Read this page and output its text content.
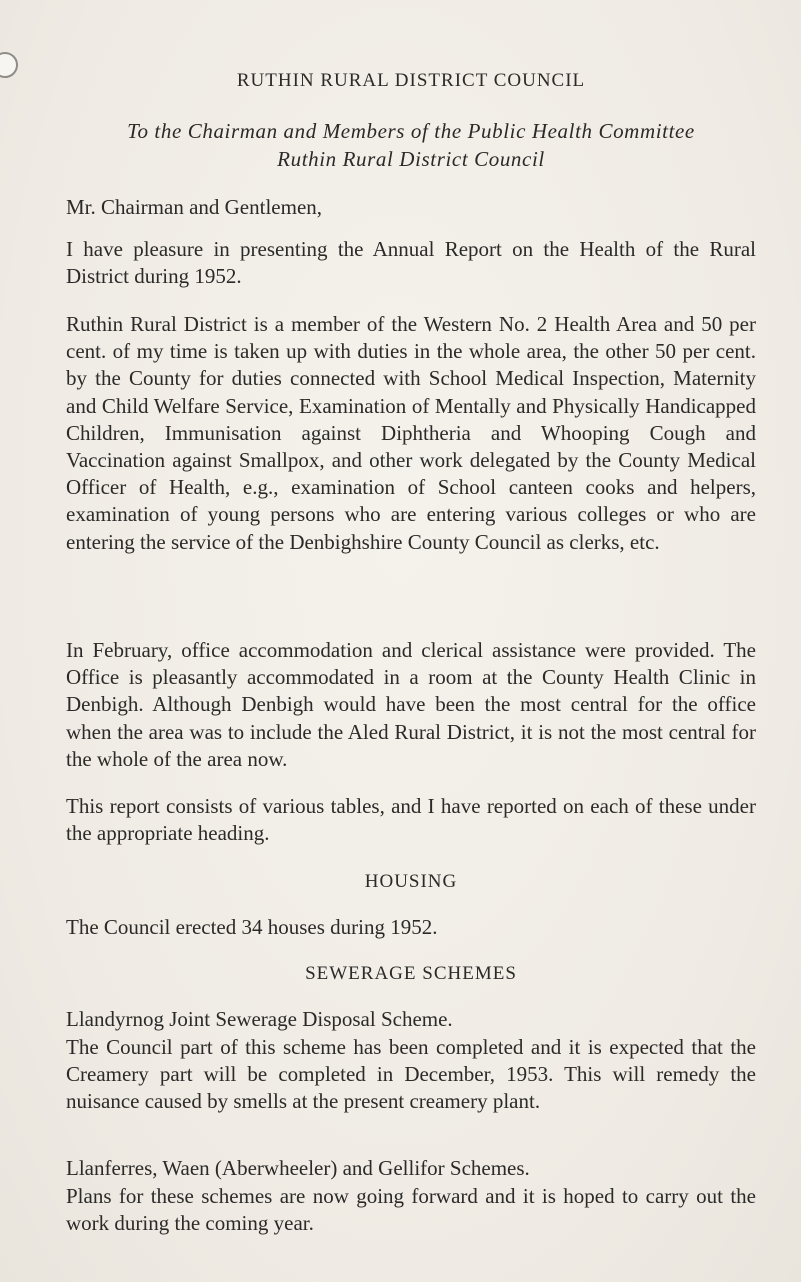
RUTHIN RURAL DISTRICT COUNCIL
To the Chairman and Members of the Public Health Committee
Ruthin Rural District Council
Mr. Chairman and Gentlemen,
I have pleasure in presenting the Annual Report on the Health of the Rural District during 1952.
Ruthin Rural District is a member of the Western No. 2 Health Area and 50 per cent. of my time is taken up with duties in the whole area, the other 50 per cent. by the County for duties connected with School Medical Inspection, Maternity and Child Welfare Service, Examination of Mentally and Physically Handicapped Children, Immunisation against Diphtheria and Whooping Cough and Vaccination against Smallpox, and other work delegated by the County Medical Officer of Health, e.g., examination of School canteen cooks and helpers, examination of young persons who are entering various colleges or who are entering the service of the Denbighshire County Council as clerks, etc.
In February, office accommodation and clerical assistance were provided. The Office is pleasantly accommodated in a room at the County Health Clinic in Denbigh. Although Denbigh would have been the most central for the office when the area was to include the Aled Rural District, it is not the most central for the whole of the area now.
This report consists of various tables, and I have reported on each of these under the appropriate heading.
HOUSING
The Council erected 34 houses during 1952.
SEWERAGE SCHEMES
Llandyrnog Joint Sewerage Disposal Scheme.
The Council part of this scheme has been completed and it is expected that the Creamery part will be completed in December, 1953. This will remedy the nuisance caused by smells at the present creamery plant.
Llanferres, Waen (Aberwheeler) and Gellifor Schemes.
Plans for these schemes are now going forward and it is hoped to carry out the work during the coming year.
